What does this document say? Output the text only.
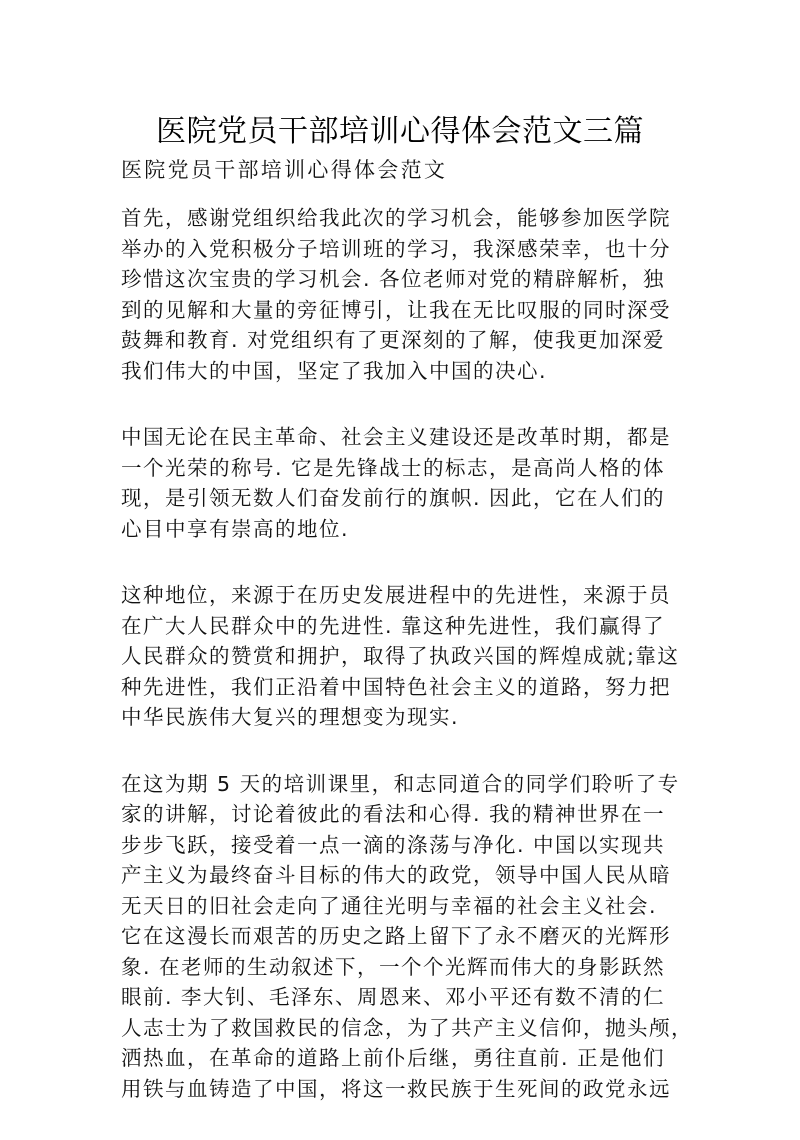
医院党员干部培训心得体会范文三篇
医院党员干部培训心得体会范文
首先，感谢党组织给我此次的学习机会，能够参加医学院
举办的入党积极分子培训班的学习，我深感荣幸，也十分
珍惜这次宝贵的学习机会. 各位老师对党的精辟解析，独
到的见解和大量的旁征博引，让我在无比叹服的同时深受
鼓舞和教育. 对党组织有了更深刻的了解，使我更加深爱
我们伟大的中国，坚定了我加入中国的决心.
中国无论在民主革命、社会主义建设还是改革时期，都是
一个光荣的称号. 它是先锋战士的标志，是高尚人格的体
现，是引领无数人们奋发前行的旗帜. 因此，它在人们的
心目中享有崇高的地位.
这种地位，来源于在历史发展进程中的先进性，来源于员
在广大人民群众中的先进性. 靠这种先进性，我们赢得了
人民群众的赞赏和拥护，取得了执政兴国的辉煌成就;靠这
种先进性，我们正沿着中国特色社会主义的道路，努力把
中华民族伟大复兴的理想变为现实.
在这为期 5 天的培训课里，和志同道合的同学们聆听了专
家的讲解，讨论着彼此的看法和心得. 我的精神世界在一
步步飞跃，接受着一点一滴的涤荡与净化. 中国以实现共
产主义为最终奋斗目标的伟大的政党，领导中国人民从暗
无天日的旧社会走向了通往光明与幸福的社会主义社会.
它在这漫长而艰苦的历史之路上留下了永不磨灭的光辉形
象. 在老师的生动叙述下，一个个光辉而伟大的身影跃然
眼前. 李大钊、毛泽东、周恩来、邓小平还有数不清的仁
人志士为了救国救民的信念，为了共产主义信仰，抛头颅，
洒热血，在革命的道路上前仆后继，勇往直前. 正是他们
用铁与血铸造了中国，将这一救民族于生死间的政党永远
